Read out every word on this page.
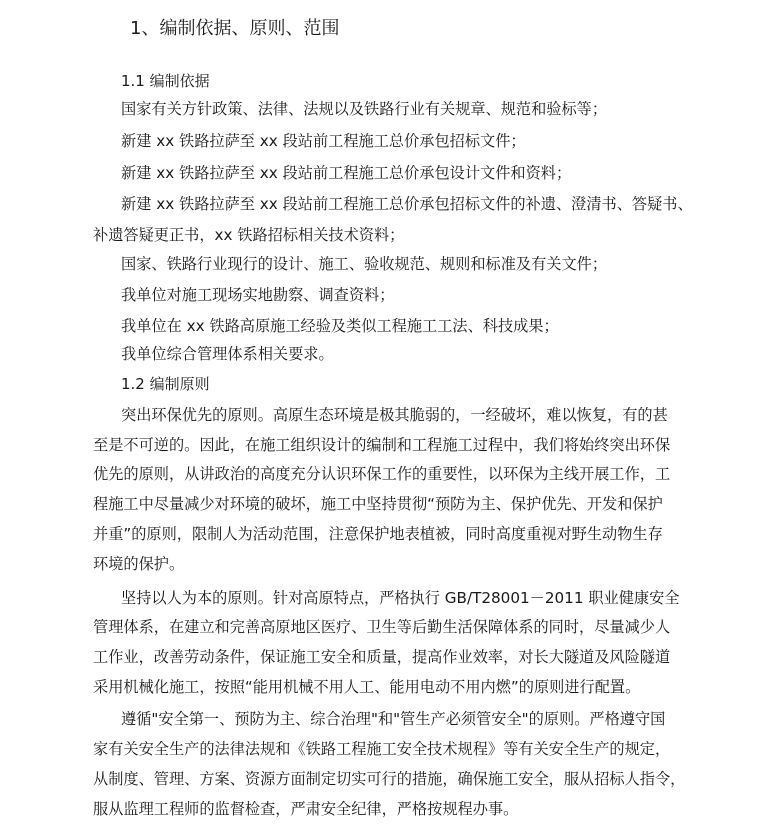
1、编制依据、原则、范围
1.1 编制依据
国家有关方针政策、法律、法规以及铁路行业有关规章、规范和验标等；
新建 xx 铁路拉萨至 xx 段站前工程施工总价承包招标文件；
新建 xx 铁路拉萨至 xx 段站前工程施工总价承包设计文件和资料；
新建 xx 铁路拉萨至 xx 段站前工程施工总价承包招标文件的补遗、澄清书、答疑书、
补遗答疑更正书，xx 铁路招标相关技术资料；
国家、铁路行业现行的设计、施工、验收规范、规则和标准及有关文件；
我单位对施工现场实地勘察、调查资料；
我单位在 xx 铁路高原施工经验及类似工程施工工法、科技成果；
我单位综合管理体系相关要求。
1.2 编制原则
突出环保优先的原则。高原生态环境是极其脆弱的，一经破坏，难以恢复，有的甚
至是不可逆的。因此，在施工组织设计的编制和工程施工过程中，我们将始终突出环保
优先的原则，从讲政治的高度充分认识环保工作的重要性，以环保为主线开展工作，工
程施工中尽量减少对环境的破坏，施工中坚持贯彻“预防为主、保护优先、开发和保护
并重”的原则，限制人为活动范围，注意保护地表植被，同时高度重视对野生动物生存
环境的保护。
坚持以人为本的原则。针对高原特点，严格执行 GB/T28001－2011 职业健康安全
管理体系，在建立和完善高原地区医疗、卫生等后勤生活保障体系的同时，尽量减少人
工作业，改善劳动条件，保证施工安全和质量，提高作业效率，对长大隧道及风险隧道
采用机械化施工，按照“能用机械不用人工、能用电动不用内燃”的原则进行配置。
遵循"安全第一、预防为主、综合治理"和"管生产必须管安全"的原则。严格遵守国
家有关安全生产的法律法规和《铁路工程施工安全技术规程》等有关安全生产的规定，
从制度、管理、方案、资源方面制定切实可行的措施，确保施工安全，服从招标人指令，
服从监理工程师的监督检查，严肃安全纪律，严格按规程办事。
